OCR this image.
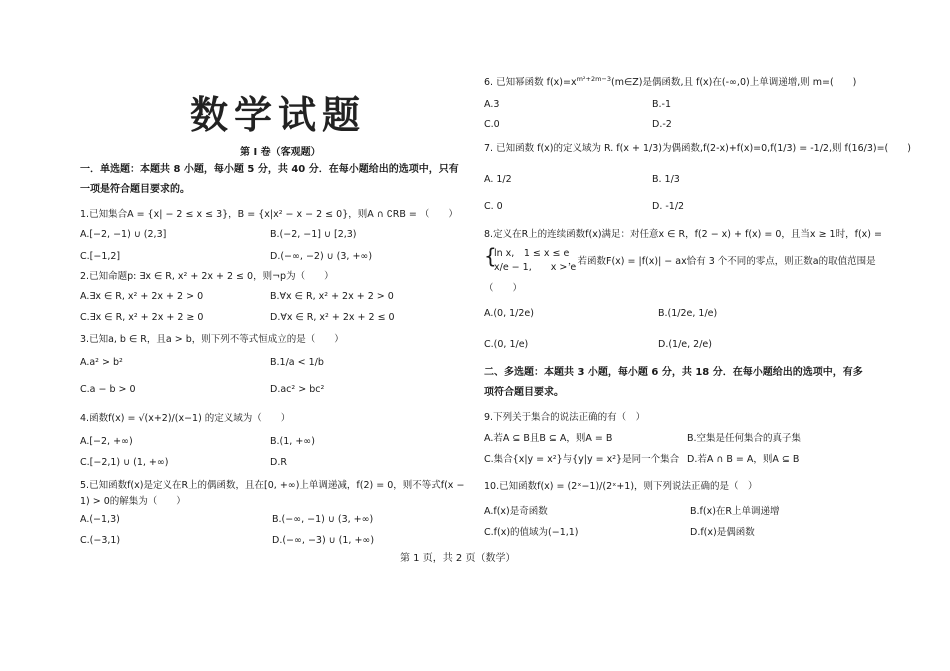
数学试题
第 I 卷（客观题）
一．单选题：本题共 8 小题，每小题 5 分，共 40 分．在每小题给出的选项中，只有一项是符合题目要求的。
1.已知集合A = {x| − 2 ≤ x ≤ 3}，B = {x|x² − x − 2 ≤ 0}，则A ∩ ∁RB = （　　）
A.[−2, −1) ∪ (2,3]	B.(−2, −1] ∪ [2,3)
C.[−1,2]	D.(−∞, −2) ∪ (3, +∞)
2.已知命题p: ∃x ∈ R, x² + 2x + 2 ≤ 0，则¬p为（　　）
A.∃x ∈ R, x² + 2x + 2 > 0	B.∀x ∈ R, x² + 2x + 2 > 0
C.∃x ∈ R, x² + 2x + 2 ≥ 0	D.∀x ∈ R, x² + 2x + 2 ≤ 0
3.已知a, b ∈ R，且a > b，则下列不等式恒成立的是（　　）
A.a² > b²	B.1/a < 1/b
C.a − b > 0	D.ac² > bc²
4.函数f(x) = √(x+2)/(x−1) 的定义域为（　　）
A.[−2, +∞)	B.(1, +∞)
C.[−2,1) ∪ (1, +∞)	D.R
5.已知函数f(x)是定义在R上的偶函数，且在[0, +∞)上单调递减，f(2) = 0，则不等式f(x −
1) > 0的解集为（　　）
A.(−1,3)	B.(−∞, −1) ∪ (3, +∞)
C.(−3,1)	D.(−∞, −3) ∪ (1, +∞)
6. 已知幂函数 $f(x)=x^{m^2+2m-3}(m\in Z)$是偶函数,且 f(x)在(-∞,0)上单调递增,则 m=(　　)
A.3	B.-1
C.0	D.-2
7. 已知函数 f(x)的定义域为 R. f(x + 1/3)为偶函数,f(2-x)+f(x)=0,f(1/3) = -1/2,则 f(16/3)=(　　)
A. 1/2	B. 1/3
C. 0	D. -1/2
8.定义在R上的连续函数f(x)满足：对任意x ∈ R，f(2 − x) + f(x) = 0，且当x ≥ 1时，f(x) =
{
ln x,　1 ≤ x ≤ e
x/e − 1,　　x > e
，若函数F(x) = |f(x)| − ax恰有 3 个不同的零点，则正数a的取值范围是
（　　）
A.(0, 1/2e)	B.(1/2e, 1/e)
C.(0, 1/e)	D.(1/e, 2/e)
二、多选题：本题共 3 小题，每小题 6 分，共 18 分．在每小题给出的选项中，有多项符合题目要求。
9.下列关于集合的说法正确的有（　）
A.若A ⊆ B且B ⊆ A，则A = B	B.空集是任何集合的真子集
C.集合{x|y = x²}与{y|y = x²}是同一个集合 D.若A ∩ B = A，则A ⊆ B
10.已知函数f(x) = (2ˣ−1)/(2ˣ+1)，则下列说法正确的是（　）
A.f(x)是奇函数	B.f(x)在R上单调递增
C.f(x)的值域为(−1,1)	D.f(x)是偶函数
第 1 页，共 2 页（数学）
